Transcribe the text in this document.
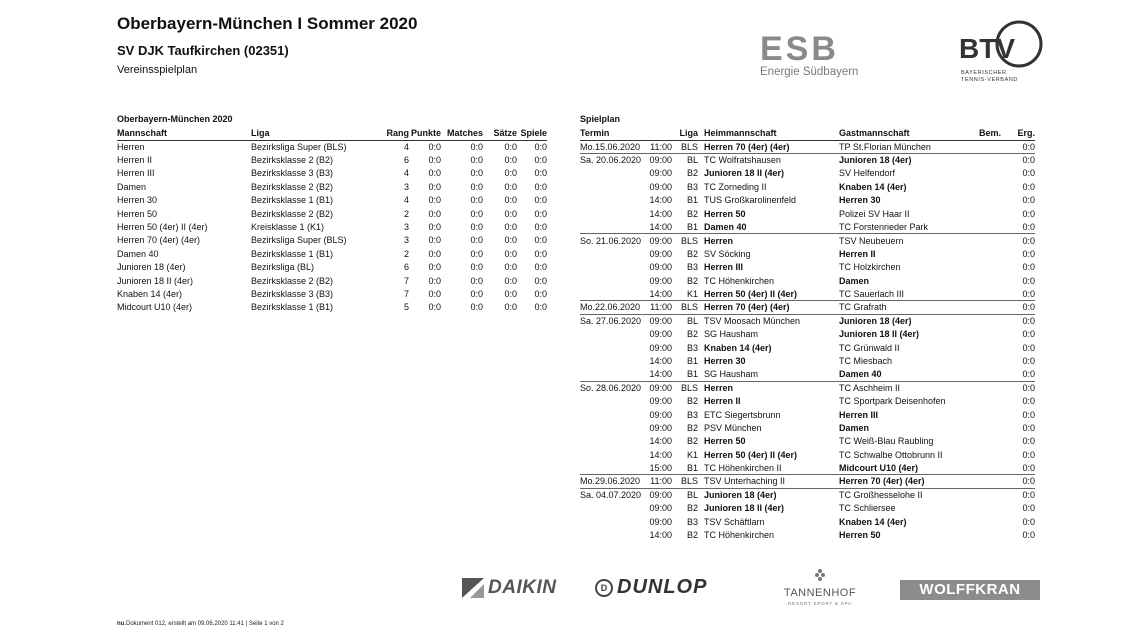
Oberbayern-München I Sommer 2020
SV DJK Taufkirchen (02351)
Vereinsspielplan
ESB
Energie Südbayern
BTV
BAYERISCHER
TENNIS-VERBAND
Oberbayern-München 2020
Mannschaft	Liga	Rang	Punkte	Matches	Sätze	Spiele
Herren	Bezirksliga Super (BLS)	4	0:0	0:0	0:0	0:0
Herren II	Bezirksklasse 2 (B2)	6	0:0	0:0	0:0	0:0
Herren III	Bezirksklasse 3 (B3)	4	0:0	0:0	0:0	0:0
Damen	Bezirksklasse 2 (B2)	3	0:0	0:0	0:0	0:0
Herren 30	Bezirksklasse 1 (B1)	4	0:0	0:0	0:0	0:0
Herren 50	Bezirksklasse 2 (B2)	2	0:0	0:0	0:0	0:0
Herren 50 (4er) II (4er)	Kreisklasse 1 (K1)	3	0:0	0:0	0:0	0:0
Herren 70 (4er) (4er)	Bezirksliga Super (BLS)	3	0:0	0:0	0:0	0:0
Damen 40	Bezirksklasse 1 (B1)	2	0:0	0:0	0:0	0:0
Junioren 18 (4er)	Bezirksliga (BL)	6	0:0	0:0	0:0	0:0
Junioren 18 II (4er)	Bezirksklasse 2 (B2)	7	0:0	0:0	0:0	0:0
Knaben 14 (4er)	Bezirksklasse 3 (B3)	7	0:0	0:0	0:0	0:0
Midcourt U10 (4er)	Bezirksklasse 1 (B1)	5	0:0	0:0	0:0	0:0
Spielplan
Termin		Liga	Heimmannschaft	Gastmannschaft	Bem.	Erg.
Mo.15.06.2020	11:00	BLS	Herren 70 (4er) (4er)	TP St.Florian München		0:0
Sa. 20.06.2020	09:00	BL	TC Wolfratshausen	Junioren 18 (4er)		0:0
	09:00	B2	Junioren 18 II (4er)	SV Helfendorf		0:0
	09:00	B3	TC Zorneding II	Knaben 14 (4er)		0:0
	14:00	B1	TUS Großkarolinenfeld	Herren 30		0:0
	14:00	B2	Herren 50	Polizei SV Haar II		0:0
	14:00	B1	Damen 40	TC Forstenrieder Park		0:0
So. 21.06.2020	09:00	BLS	Herren	TSV Neubeuern		0:0
	09:00	B2	SV Söcking	Herren II		0:0
	09:00	B3	Herren III	TC Holzkirchen		0:0
	09:00	B2	TC Höhenkirchen	Damen		0:0
	14:00	K1	Herren 50 (4er) II (4er)	TC Sauerlach III		0:0
Mo.22.06.2020	11:00	BLS	Herren 70 (4er) (4er)	TC Grafrath		0:0
Sa. 27.06.2020	09:00	BL	TSV Moosach München	Junioren 18 (4er)		0:0
	09:00	B2	SG Hausham	Junioren 18 II (4er)		0:0
	09:00	B3	Knaben 14 (4er)	TC Grünwald II		0:0
	14:00	B1	Herren 30	TC Miesbach		0:0
	14:00	B1	SG Hausham	Damen 40		0:0
So. 28.06.2020	09:00	BLS	Herren	TC Aschheim II		0:0
	09:00	B2	Herren II	TC Sportpark Deisenhofen		0:0
	09:00	B3	ETC Siegertsbrunn	Herren III		0:0
	09:00	B2	PSV München	Damen		0:0
	14:00	B2	Herren 50	TC Weiß-Blau Raubling		0:0
	14:00	K1	Herren 50 (4er) II (4er)	TC Schwalbe Ottobrunn II		0:0
	15:00	B1	TC Höhenkirchen II	Midcourt U10 (4er)		0:0
Mo.29.06.2020	11:00	BLS	TSV Unterhaching II	Herren 70 (4er) (4er)		0:0
Sa. 04.07.2020	09:00	BL	Junioren 18 (4er)	TC Großhesselohe II		0:0
	09:00	B2	Junioren 18 II (4er)	TC Schliersee		0:0
	09:00	B3	TSV Schäftlarn	Knaben 14 (4er)		0:0
	14:00	B2	TC Höhenkirchen	Herren 50		0:0
DAIKIN	D DUNLOP	TANNENHOF
RESORT SPORT & SPA
WOLFFKRAN
nu.Dokument 012, erstellt am 09.06.2020 11:41 | Seite 1 von 2
